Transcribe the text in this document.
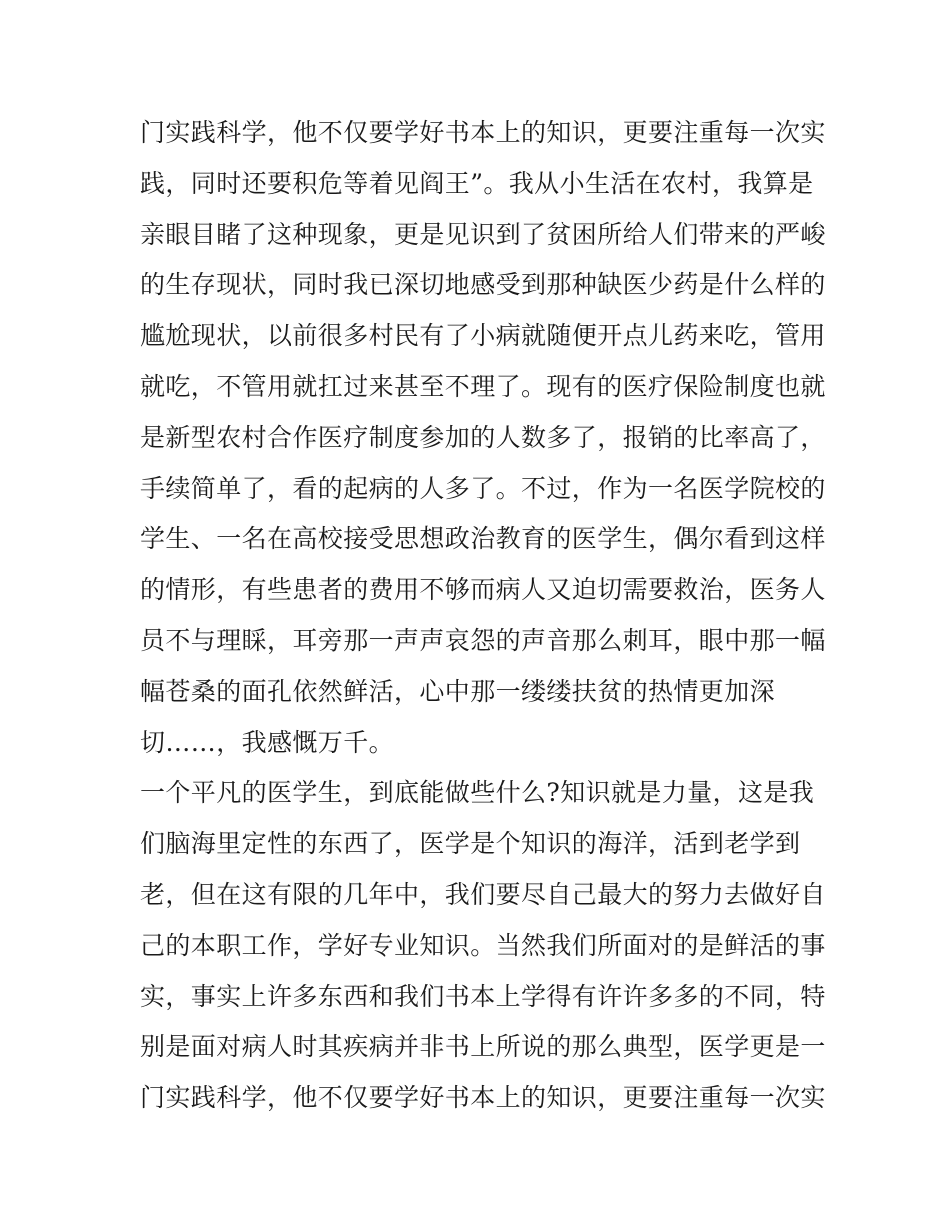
门实践科学，他不仅要学好书本上的知识，更要注重每一次实
践，同时还要积危等着见阎王”。我从小生活在农村，我算是
亲眼目睹了这种现象，更是见识到了贫困所给人们带来的严峻
的生存现状，同时我已深切地感受到那种缺医少药是什么样的
尴尬现状，以前很多村民有了小病就随便开点儿药来吃，管用
就吃，不管用就扛过来甚至不理了。现有的医疗保险制度也就
是新型农村合作医疗制度参加的人数多了，报销的比率高了，
手续简单了，看的起病的人多了。不过，作为一名医学院校的
学生、一名在高校接受思想政治教育的医学生，偶尔看到这样
的情形，有些患者的费用不够而病人又迫切需要救治，医务人
员不与理睬，耳旁那一声声哀怨的声音那么刺耳，眼中那一幅
幅苍桑的面孔依然鲜活，心中那一缕缕扶贫的热情更加深
切……，我感慨万千。
一个平凡的医学生，到底能做些什么?知识就是力量，这是我
们脑海里定性的东西了，医学是个知识的海洋，活到老学到
老，但在这有限的几年中，我们要尽自己最大的努力去做好自
己的本职工作，学好专业知识。当然我们所面对的是鲜活的事
实，事实上许多东西和我们书本上学得有许许多多的不同，特
别是面对病人时其疾病并非书上所说的那么典型，医学更是一
门实践科学，他不仅要学好书本上的知识，更要注重每一次实
